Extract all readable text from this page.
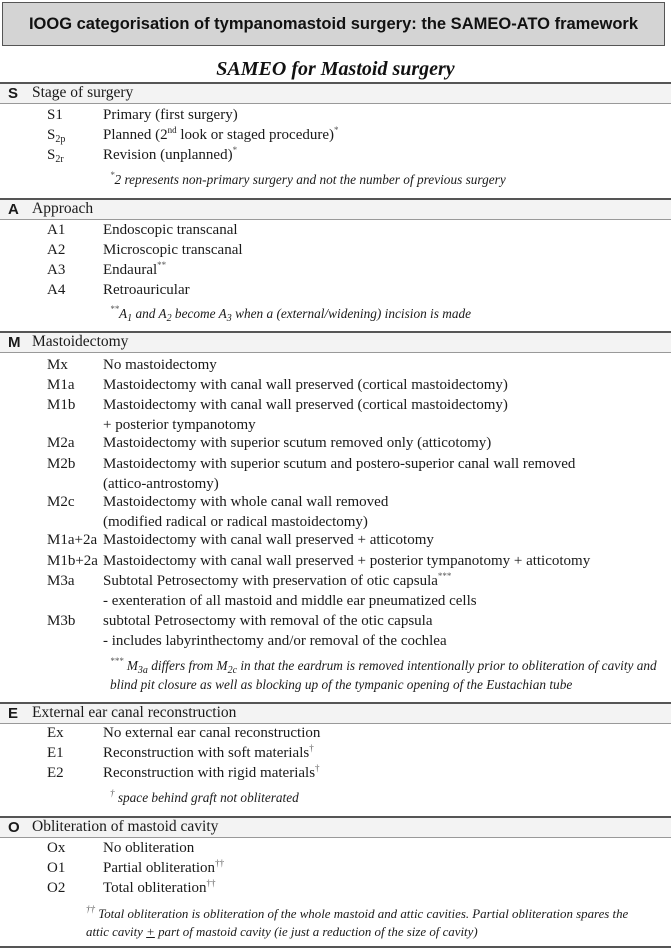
IOOG categorisation of tympanomastoid surgery: the SAMEO-ATO framework
SAMEO for Mastoid surgery
S Stage of surgery
S1	Primary (first surgery)
$S_{2p}$	Planned (2nd look or staged procedure)*
$S_{2r}$	Revision (unplanned)*
*2 represents non-primary surgery and not the number of previous surgery
A Approach
A1	Endoscopic transcanal
A2	Microscopic transcanal
A3	Endaural**
A4	Retroauricular
$^{**}A_1$ and $A_2$ become $A_3$ when a (external/widening) incision is made
M Mastoidectomy
Mx No mastoidectomy
M1a Mastoidectomy with canal wall preserved (cortical mastoidectomy)
M1b Mastoidectomy with canal wall preserved (cortical mastoidectomy)
+ posterior tympanotomy
M2a Mastoidectomy with superior scutum removed only (atticotomy)
M2b Mastoidectomy with superior scutum and postero-superior canal wall removed
(attico-antrostomy)
M2c Mastoidectomy with whole canal wall removed
(modified radical or radical mastoidectomy)
M1a+2a Mastoidectomy with canal wall preserved + atticotomy
M1b+2a Mastoidectomy with canal wall preserved + posterior tympanotomy + atticotomy
M3a Subtotal Petrosectomy with preservation of otic capsula***
- exenteration of all mastoid and middle ear pneumatized cells
M3b subtotal Petrosectomy with removal of the otic capsula
- includes labyrinthectomy and/or removal of the cochlea
*** $M_{3a}$ differs from $M_{2c}$ in that the eardrum is removed intentionally prior to obliteration of cavity and
blind pit closure as well as blocking up of the tympanic opening of the Eustachian tube
E External ear canal reconstruction
Ex	No external ear canal reconstruction
E1	Reconstruction with soft materials†
E2	Reconstruction with rigid materials†
† space behind graft not obliterated
O Obliteration of mastoid cavity
Ox	No obliteration
O1	Partial obliteration††
O2	Total obliteration††
†† Total obliteration is obliteration of the whole mastoid and attic cavities. Partial obliteration spares the
attic cavity + part of mastoid cavity (ie just a reduction of the size of cavity)
